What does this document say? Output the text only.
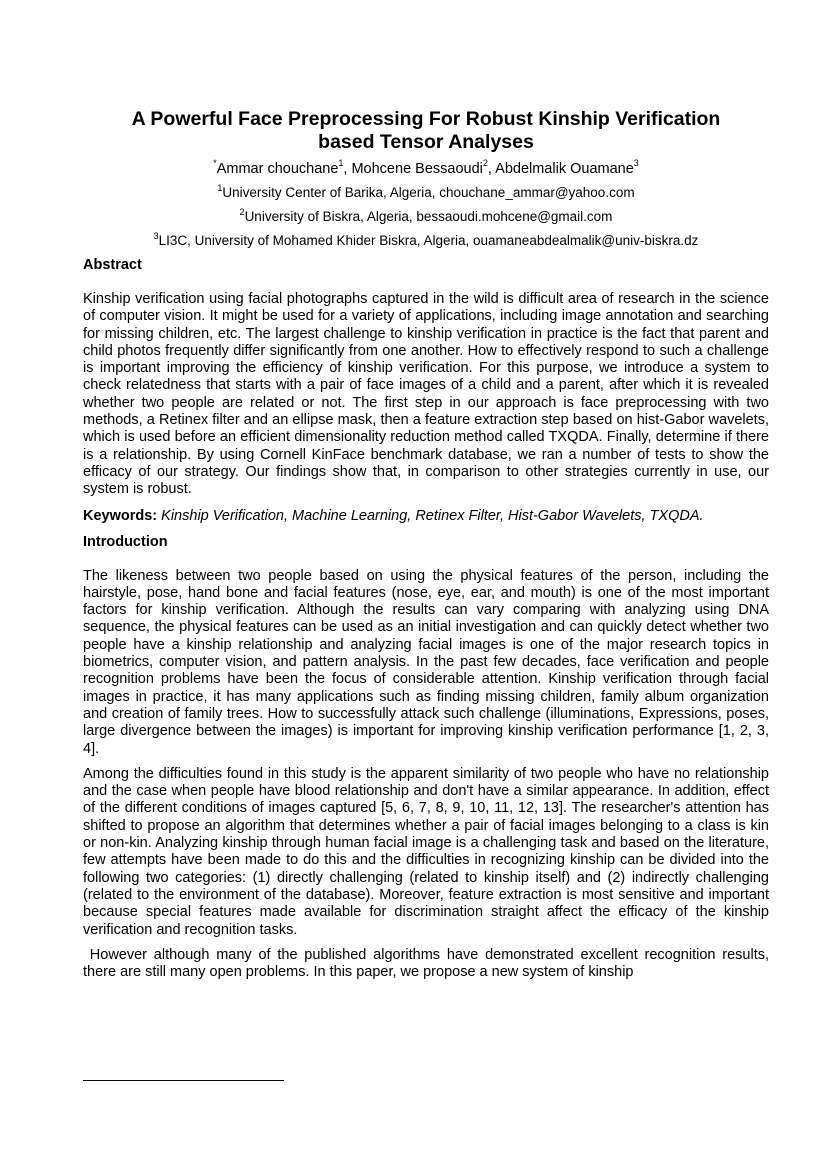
A Powerful Face Preprocessing For Robust Kinship Verification
based Tensor Analyses
*Ammar chouchane$^1$, Mohcene Bessaoudi$^2$, Abdelmalik Ouamane$^3$
$^1$University Center of Barika, Algeria, chouchane_ammar@yahoo.com
$^2$University of Biskra, Algeria, bessaoudi.mohcene@gmail.com
$^3$LI3C, University of Mohamed Khider Biskra, Algeria, ouamaneabdealmalik@univ-biskra.dz
Abstract

Kinship verification using facial photographs captured in the wild is difficult area of research in the science of computer vision. It might be used for a variety of applications, including image annotation and searching for missing children, etc. The largest challenge to kinship verification in practice is the fact that parent and child photos frequently differ significantly from one another. How to effectively respond to such a challenge is important improving the efficiency of kinship verification. For this purpose, we introduce a system to check relatedness that starts with a pair of face images of a child and a parent, after which it is revealed whether two people are related or not. The first step in our approach is face preprocessing with two methods, a Retinex filter and an ellipse mask, then a feature extraction step based on hist-Gabor wavelets, which is used before an efficient dimensionality reduction method called TXQDA. Finally, determine if there is a relationship. By using Cornell KinFace benchmark database, we ran a number of tests to show the efficacy of our strategy. Our findings show that, in comparison to other strategies currently in use, our system is robust.

Keywords: Kinship Verification, Machine Learning, Retinex Filter, Hist-Gabor Wavelets, TXQDA.

Introduction

The likeness between two people based on using the physical features of the person, including the hairstyle, pose, hand bone and facial features (nose, eye, ear, and mouth) is one of the most important factors for kinship verification. Although the results can vary comparing with analyzing using DNA sequence, the physical features can be used as an initial investigation and can quickly detect whether two people have a kinship relationship and analyzing facial images is one of the major research topics in biometrics, computer vision, and pattern analysis. In the past few decades, face verification and people recognition problems have been the focus of considerable attention. Kinship verification through facial images in practice, it has many applications such as finding missing children, family album organization and creation of family trees. How to successfully attack such challenge (illuminations, Expressions, poses, large divergence between the images) is important for improving kinship verification performance [1, 2, 3, 4].

Among the difficulties found in this study is the apparent similarity of two people who have no relationship and the case when people have blood relationship and don't have a similar appearance. In addition, effect of the different conditions of images captured [5, 6, 7, 8, 9, 10, 11, 12, 13]. The researcher's attention has shifted to propose an algorithm that determines whether a pair of facial images belonging to a class is kin or non-kin. Analyzing kinship through human facial image is a challenging task and based on the literature, few attempts have been made to do this and the difficulties in recognizing kinship can be divided into the following two categories: (1) directly challenging (related to kinship itself) and (2) indirectly challenging (related to the environment of the database). Moreover, feature extraction is most sensitive and important because special features made available for discrimination straight affect the efficacy of the kinship verification and recognition tasks.

However although many of the published algorithms have demonstrated excellent recognition results, there are still many open problems. In this paper, we propose a new system of kinship
